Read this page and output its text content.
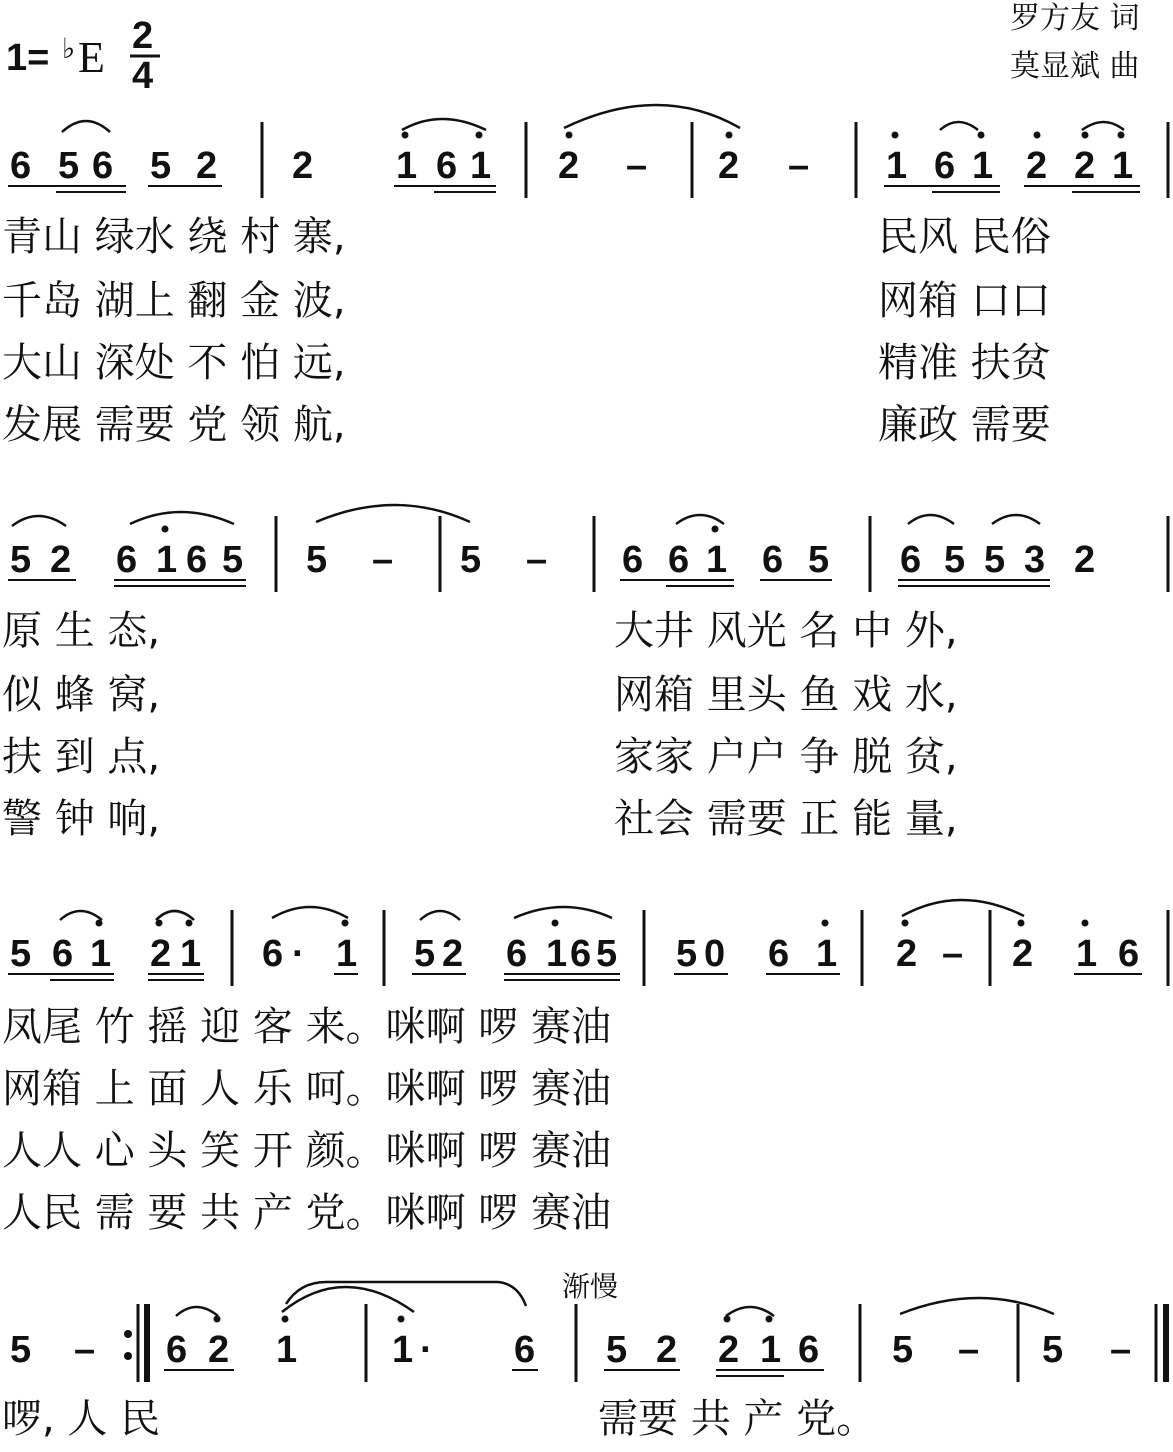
1= ♭ E 2
4
罗方友 词
莫显斌 曲
6 5 6 5 2 2 1 6 1 2 – 2 – 1 6 1 2 2 1
青山 绿水 绕 村 寨,
千岛 湖上 翻 金 波,
大山 深处 不 怕 远,
发展 需要 党 领 航,
民风 民俗
网箱 口口
精准 扶贫
廉政 需要
5 2 6 1 6 5 5 – 5 – 6 6 1 6 5 6 5 5 3 2
原 生 态,
似 蜂 窝,
扶 到 点,
警 钟 响,
大井 风光 名 中 外,
网箱 里头 鱼 戏 水,
家家 户户 争 脱 贫,
社会 需要 正 能 量,
5 6 1 2 1 6 · 1 5 2 6 1 6 5 5 0 6 1 2 – 2 1 6
凤尾 竹 摇 迎 客 来。咪啊 啰 赛油
网箱 上 面 人 乐 呵。咪啊 啰 赛油
人人 心 头 笑 开 颜。咪啊 啰 赛油
人民 需 要 共 产 党。咪啊 啰 赛油
渐慢
5 – 6 2 1 1 · 6 5 2 2 1 6 5 – 5 –
啰, 人 民	需要 共 产 党。
